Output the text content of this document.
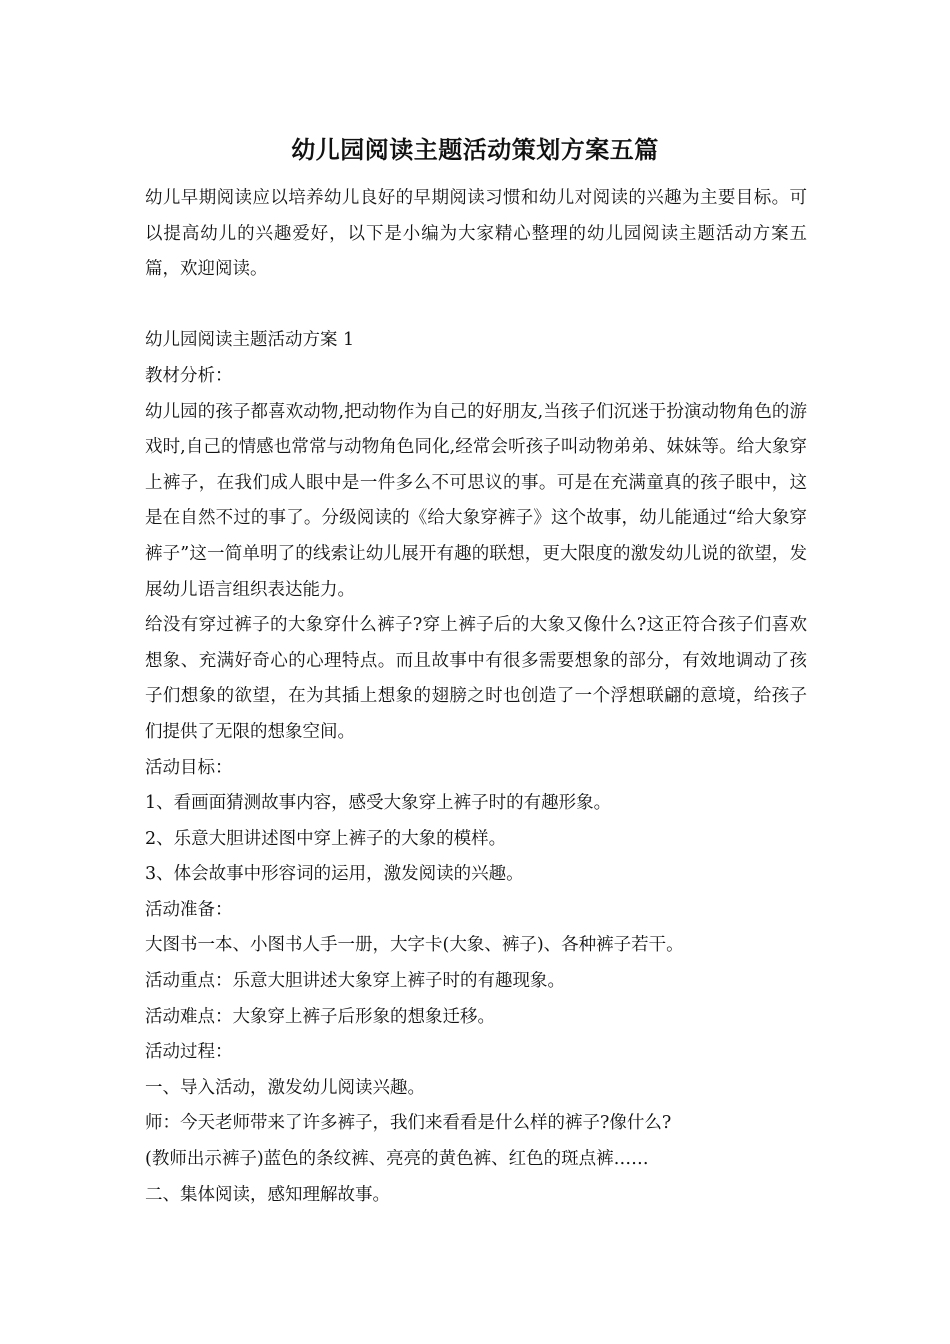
幼儿园阅读主题活动策划方案五篇

幼儿早期阅读应以培养幼儿良好的早期阅读习惯和幼儿对阅读的兴趣为主要目标。可以提高幼儿的兴趣爱好，以下是小编为大家精心整理的幼儿园阅读主题活动方案五篇，欢迎阅读。

幼儿园阅读主题活动方案 1

教材分析：

幼儿园的孩子都喜欢动物,把动物作为自己的好朋友,当孩子们沉迷于扮演动物角色的游戏时,自己的情感也常常与动物角色同化,经常会听孩子叫动物弟弟、妹妹等。给大象穿上裤子，在我们成人眼中是一件多么不可思议的事。可是在充满童真的孩子眼中，这是在自然不过的事了。分级阅读的《给大象穿裤子》这个故事，幼儿能通过“给大象穿裤子”这一简单明了的线索让幼儿展开有趣的联想，更大限度的激发幼儿说的欲望，发展幼儿语言组织表达能力。

给没有穿过裤子的大象穿什么裤子?穿上裤子后的大象又像什么?这正符合孩子们喜欢想象、充满好奇心的心理特点。而且故事中有很多需要想象的部分，有效地调动了孩子们想象的欲望，在为其插上想象的翅膀之时也创造了一个浮想联翩的意境，给孩子们提供了无限的想象空间。

活动目标：

1、看画面猜测故事内容，感受大象穿上裤子时的有趣形象。

2、乐意大胆讲述图中穿上裤子的大象的模样。

3、体会故事中形容词的运用，激发阅读的兴趣。

活动准备：

大图书一本、小图书人手一册，大字卡(大象、裤子)、各种裤子若干。

活动重点：乐意大胆讲述大象穿上裤子时的有趣现象。

活动难点：大象穿上裤子后形象的想象迁移。

活动过程：

一、导入活动，激发幼儿阅读兴趣。

师：今天老师带来了许多裤子，我们来看看是什么样的裤子?像什么?

(教师出示裤子)蓝色的条纹裤、亮亮的黄色裤、红色的斑点裤……

二、集体阅读，感知理解故事。
